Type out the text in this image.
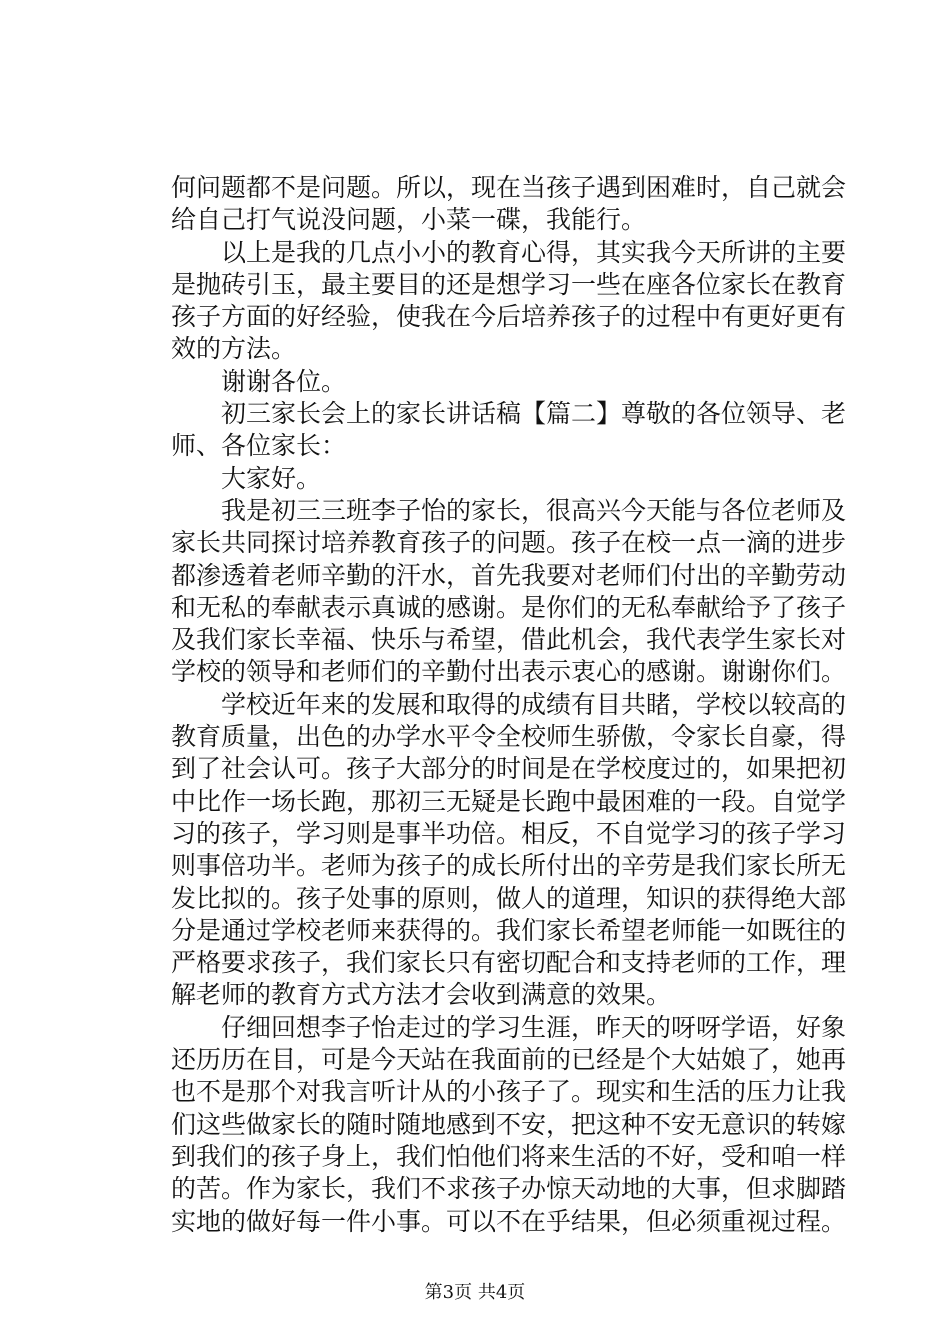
何问题都不是问题。所以，现在当孩子遇到困难时，自己就会
给自己打气说没问题，小菜一碟，我能行。
以上是我的几点小小的教育心得，其实我今天所讲的主要
是抛砖引玉，最主要目的还是想学习一些在座各位家长在教育
孩子方面的好经验，使我在今后培养孩子的过程中有更好更有
效的方法。
谢谢各位。
初三家长会上的家长讲话稿【篇二】尊敬的各位领导、老
师、各位家长：
大家好。
我是初三三班李子怡的家长，很高兴今天能与各位老师及
家长共同探讨培养教育孩子的问题。孩子在校一点一滴的进步
都渗透着老师辛勤的汗水，首先我要对老师们付出的辛勤劳动
和无私的奉献表示真诚的感谢。是你们的无私奉献给予了孩子
及我们家长幸福、快乐与希望，借此机会，我代表学生家长对
学校的领导和老师们的辛勤付出表示衷心的感谢。谢谢你们。
学校近年来的发展和取得的成绩有目共睹，学校以较高的
教育质量，出色的办学水平令全校师生骄傲，令家长自豪，得
到了社会认可。孩子大部分的时间是在学校度过的，如果把初
中比作一场长跑，那初三无疑是长跑中最困难的一段。自觉学
习的孩子，学习则是事半功倍。相反，不自觉学习的孩子学习
则事倍功半。老师为孩子的成长所付出的辛劳是我们家长所无
发比拟的。孩子处事的原则，做人的道理，知识的获得绝大部
分是通过学校老师来获得的。我们家长希望老师能一如既往的
严格要求孩子，我们家长只有密切配合和支持老师的工作，理
解老师的教育方式方法才会收到满意的效果。
仔细回想李子怡走过的学习生涯，昨天的呀呀学语，好象
还历历在目，可是今天站在我面前的已经是个大姑娘了，她再
也不是那个对我言听计从的小孩子了。现实和生活的压力让我
们这些做家长的随时随地感到不安，把这种不安无意识的转嫁
到我们的孩子身上，我们怕他们将来生活的不好，受和咱一样
的苦。作为家长，我们不求孩子办惊天动地的大事，但求脚踏
实地的做好每一件小事。可以不在乎结果，但必须重视过程。
第3页 共4页
